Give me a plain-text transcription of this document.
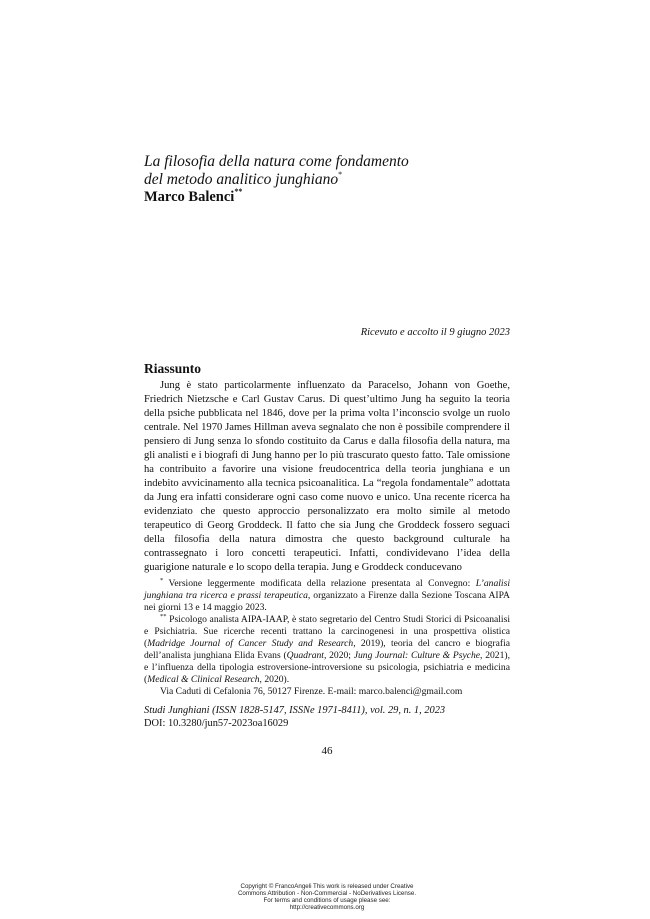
La filosofia della natura come fondamento
del metodo analitico junghiano*
Marco Balenci**
Ricevuto e accolto il 9 giugno 2023
Riassunto

Jung è stato particolarmente influenzato da Paracelso, Johann von Goethe, Friedrich Nietzsche e Carl Gustav Carus. Di quest’ultimo Jung ha seguito la teoria della psiche pubblicata nel 1846, dove per la prima volta l’inconscio svolge un ruolo centrale. Nel 1970 James Hillman aveva segnalato che non è possibile comprendere il pensiero di Jung senza lo sfondo costituito da Carus e dalla filosofia della natura, ma gli analisti e i biografi di Jung hanno per lo più trascurato questo fatto. Tale omissione ha contribuito a favorire una visione freudocentrica della teoria junghiana e un indebito avvicinamento alla tecnica psicoanalitica. La “regola fondamentale” adottata da Jung era infatti considerare ogni caso come nuovo e unico. Una recente ricerca ha evidenziato che questo approccio personalizzato era molto simile al metodo terapeutico di Georg Groddeck. Il fatto che sia Jung che Groddeck fossero seguaci della filosofia della natura dimostra che questo background culturale ha contrassegnato i loro concetti terapeutici. Infatti, condividevano l’idea della guarigione naturale e lo scopo della terapia. Jung e Groddeck conducevano

* Versione leggermente modificata della relazione presentata al Convegno: L’analisi junghiana tra ricerca e prassi terapeutica, organizzato a Firenze dalla Sezione Toscana AIPA nei giorni 13 e 14 maggio 2023.

** Psicologo analista AIPA-IAAP, è stato segretario del Centro Studi Storici di Psicoanalisi e Psichiatria. Sue ricerche recenti trattano la carcinogenesi in una prospettiva olistica (Madridge Journal of Cancer Study and Research, 2019), teoria del cancro e biografia dell’analista junghiana Elida Evans (Quadrant, 2020; Jung Journal: Culture & Psyche, 2021), e l’influenza della tipologia estroversione-introversione su psicologia, psichiatria e medicina (Medical & Clinical Research, 2020).

Via Caduti di Cefalonia 76, 50127 Firenze. E-mail: marco.balenci@gmail.com

Studi Junghiani (ISSN 1828-5147, ISSNe 1971-8411), vol. 29, n. 1, 2023
DOI: 10.3280/jun57-2023oa16029
46
Copyright © FrancoAngeli This work is released under Creative
Commons Attribution - Non-Commercial - NoDerivatives License.
For terms and conditions of usage please see:
http://creativecommons.org
